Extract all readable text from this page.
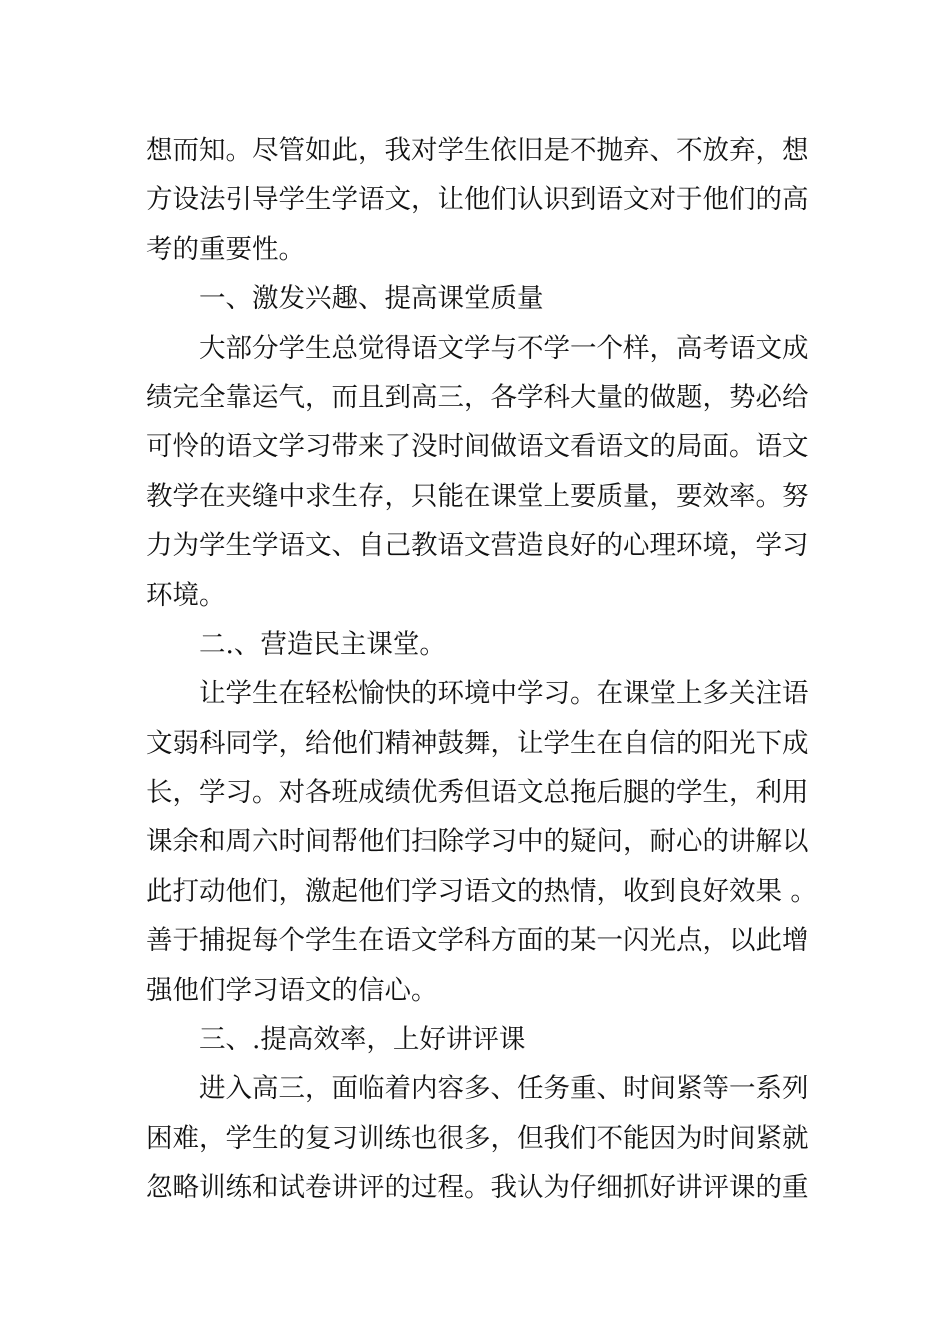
想而知。尽管如此，我对学生依旧是不抛弃、不放弃，想
方设法引导学生学语文，让他们认识到语文对于他们的高
考的重要性。
一、激发兴趣、提高课堂质量
大部分学生总觉得语文学与不学一个样，高考语文成
绩完全靠运气，而且到高三，各学科大量的做题，势必给
可怜的语文学习带来了没时间做语文看语文的局面。语文
教学在夹缝中求生存，只能在课堂上要质量，要效率。努
力为学生学语文、自己教语文营造良好的心理环境，学习
环境。
二.、营造民主课堂。
让学生在轻松愉快的环境中学习。在课堂上多关注语
文弱科同学，给他们精神鼓舞，让学生在自信的阳光下成
长，学习。对各班成绩优秀但语文总拖后腿的学生，利用
课余和周六时间帮他们扫除学习中的疑问，耐心的讲解以
此打动他们，激起他们学习语文的热情，收到良好效果 。
善于捕捉每个学生在语文学科方面的某一闪光点，以此增
强他们学习语文的信心。
三、.提高效率，上好讲评课
进入高三，面临着内容多、任务重、时间紧等一系列
困难，学生的复习训练也很多，但我们不能因为时间紧就
忽略训练和试卷讲评的过程。我认为仔细抓好讲评课的重
